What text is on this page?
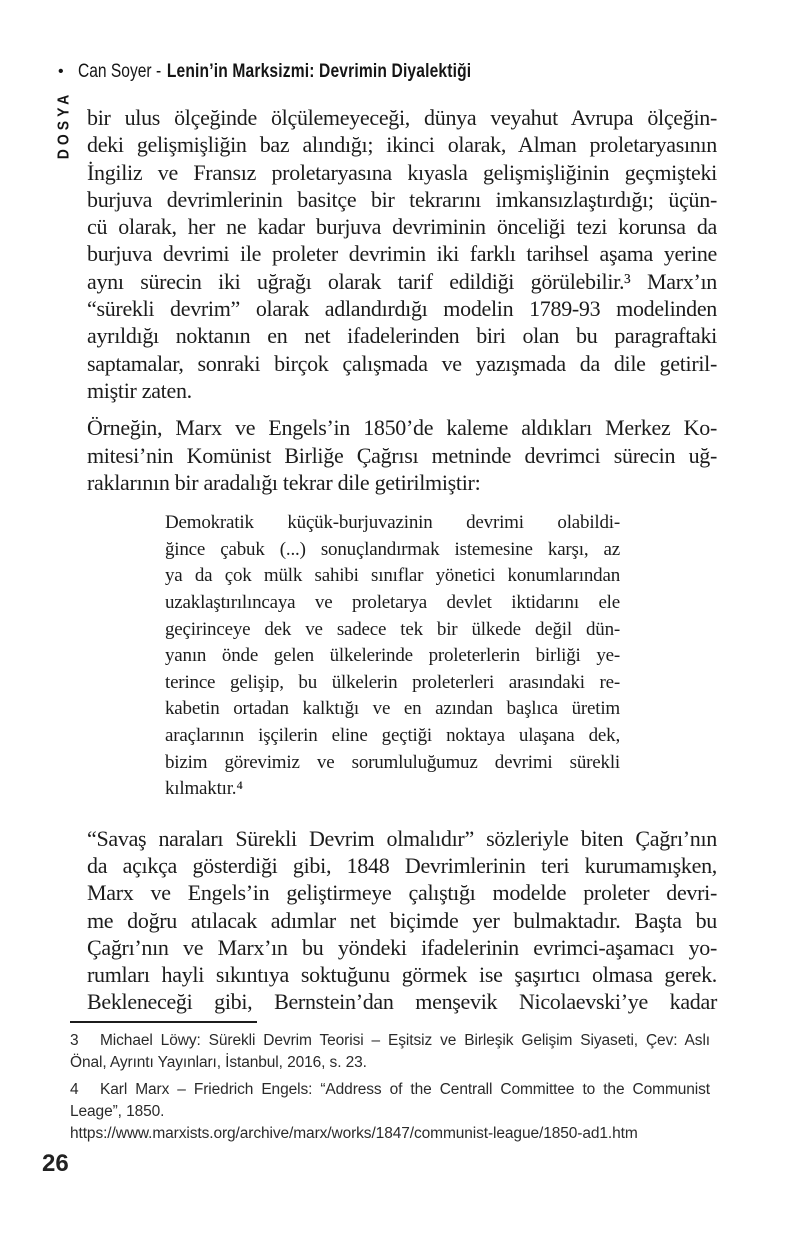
• Can Soyer - Lenin’in Marksizmi: Devrimin Diyalektiği
DOSYA bir ulus ölçeğinde ölçülemeyeceği, dünya veyahut Avrupa ölçeğin-
deki gelişmişliğin baz alındığı; ikinci olarak, Alman proletaryasının
İngiliz ve Fransız proletaryasına kıyasla gelişmişliğinin geçmişteki
burjuva devrimlerinin basitçe bir tekrarını imkansızlaştırdığı; üçün-
cü olarak, her ne kadar burjuva devriminin önceliği tezi korunsa da
burjuva devrimi ile proleter devrimin iki farklı tarihsel aşama yerine
aynı sürecin iki uğrağı olarak tarif edildiği görülebilir.³ Marx’ın
“sürekli devrim” olarak adlandırdığı modelin 1789-93 modelinden
ayrıldığı noktanın en net ifadelerinden biri olan bu paragraftaki
saptamalar, sonraki birçok çalışmada ve yazışmada da dile getiril-
miştir zaten.
Örneğin, Marx ve Engels’in 1850’de kaleme aldıkları Merkez Ko-
mitesi’nin Komünist Birliğe Çağrısı metninde devrimci sürecin uğ-
raklarının bir aradalığı tekrar dile getirilmiştir:
Demokratik küçük-burjuvazinin devrimi olabildi-
ğince çabuk (...) sonuçlandırmak istemesine karşı, az
ya da çok mülk sahibi sınıflar yönetici konumlarından
uzaklaştırılıncaya ve proletarya devlet iktidarını ele
geçirinceye dek ve sadece tek bir ülkede değil dün-
yanın önde gelen ülkelerinde proleterlerin birliği ye-
terince gelişip, bu ülkelerin proleterleri arasındaki re-
kabetin ortadan kalktığı ve en azından başlıca üretim
araçlarının işçilerin eline geçtiği noktaya ulaşana dek,
bizim görevimiz ve sorumluluğumuz devrimi sürekli
kılmaktır.⁴
“Savaş naraları Sürekli Devrim olmalıdır” sözleriyle biten Çağrı’nın
da açıkça gösterdiği gibi, 1848 Devrimlerinin teri kurumamışken,
Marx ve Engels’in geliştirmeye çalıştığı modelde proleter devri-
me doğru atılacak adımlar net biçimde yer bulmaktadır. Başta bu
Çağrı’nın ve Marx’ın bu yöndeki ifadelerinin evrimci-aşamacı yo-
rumları hayli sıkıntıya soktuğunu görmek ise şaşırtıcı olmasa gerek.
Bekleneceği gibi, Bernstein’dan menşevik Nicolaevski’ye kadar
3 Michael Löwy: Sürekli Devrim Teorisi – Eşitsiz ve Birleşik Gelişim Siyaseti, Çev: Aslı
Önal, Ayrıntı Yayınları, İstanbul, 2016, s. 23.
4 Karl Marx – Friedrich Engels: “Address of the Centrall Committee to the Communist
Leage”, 1850.
https://www.marxists.org/archive/marx/works/1847/communist-league/1850-ad1.htm
26
